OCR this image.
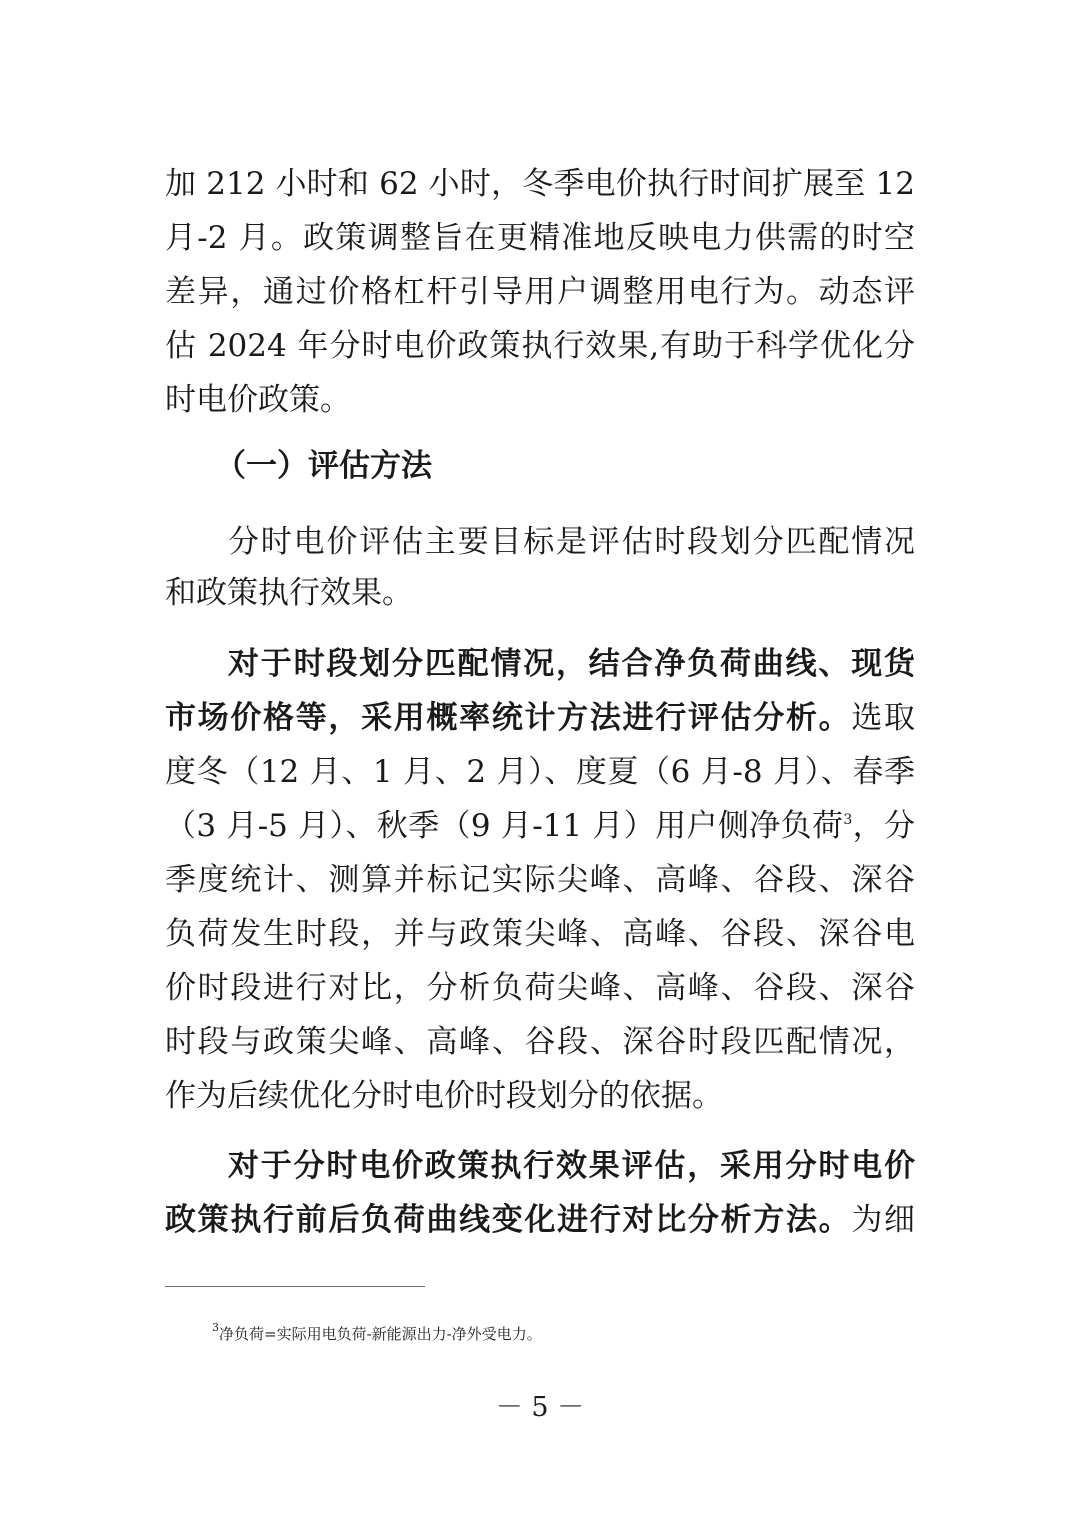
加 212 小时和 62 小时，冬季电价执行时间扩展至 12
月-2 月。政策调整旨在更精准地反映电力供需的时空
差异，通过价格杠杆引导用户调整用电行为。动态评
估 2024 年分时电价政策执行效果,有助于科学优化分
时电价政策。
（一）评估方法
分时电价评估主要目标是评估时段划分匹配情况
和政策执行效果。
对于时段划分匹配情况，结合净负荷曲线、现货
市场价格等，采用概率统计方法进行评估分析。选取
度冬（12 月、1 月、2 月）、度夏（6 月-8 月）、春季
（3 月-5 月）、秋季（9 月-11 月）用户侧净负荷$^3$，分
季度统计、测算并标记实际尖峰、高峰、谷段、深谷
负荷发生时段，并与政策尖峰、高峰、谷段、深谷电
价时段进行对比，分析负荷尖峰、高峰、谷段、深谷
时段与政策尖峰、高峰、谷段、深谷时段匹配情况，
作为后续优化分时电价时段划分的依据。
对于分时电价政策执行效果评估，采用分时电价
政策执行前后负荷曲线变化进行对比分析方法。为细
$^3$净负荷=实际用电负荷-新能源出力-净外受电力。
－ 5 －
